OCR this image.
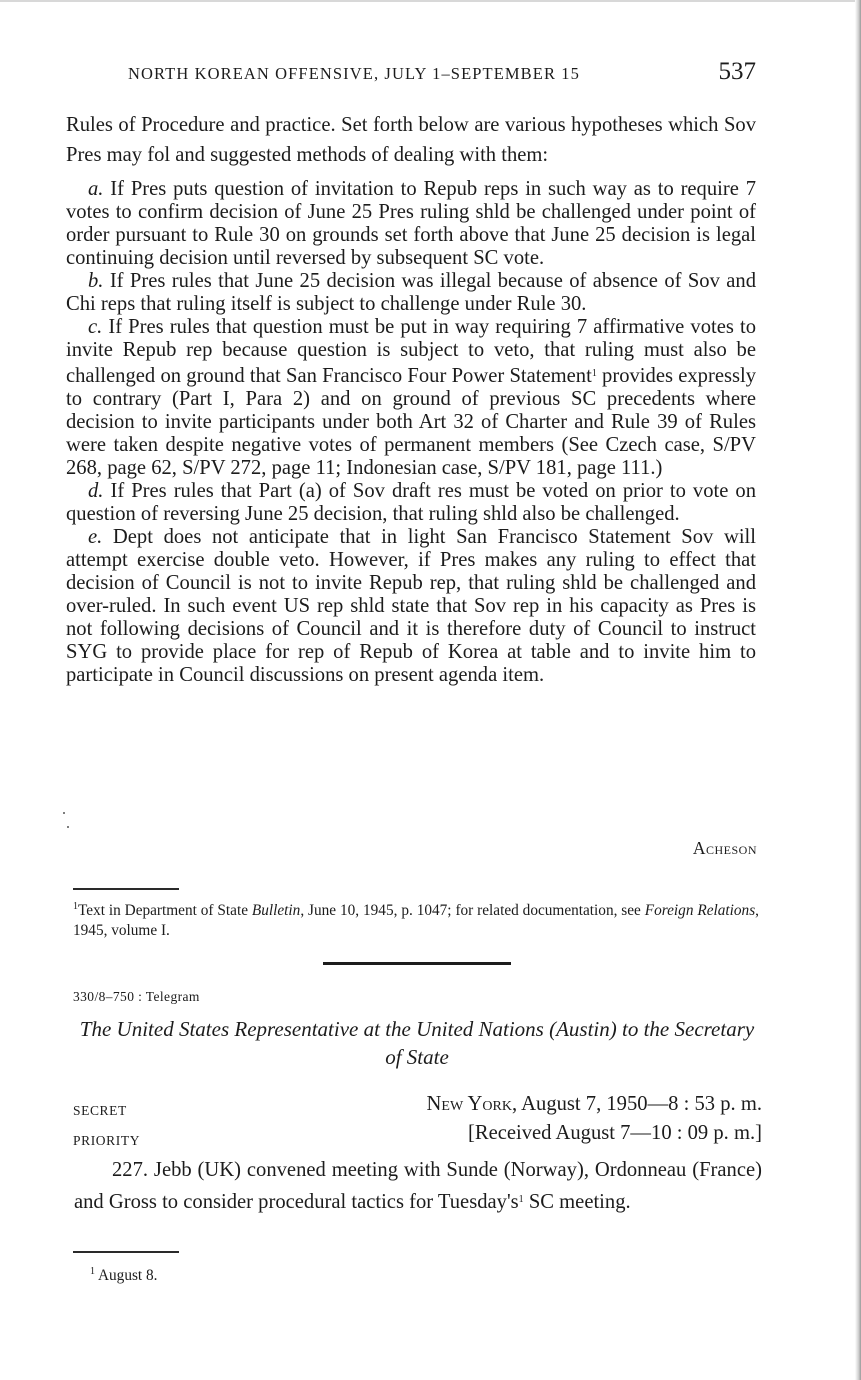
NORTH KOREAN OFFENSIVE, JULY 1–SEPTEMBER 15	537

Rules of Procedure and practice. Set forth below are various hypotheses which Sov Pres may fol and suggested methods of dealing with them:

a. If Pres puts question of invitation to Repub reps in such way as to require 7 votes to confirm decision of June 25 Pres ruling shld be challenged under point of order pursuant to Rule 30 on grounds set forth above that June 25 decision is legal continuing decision until reversed by subsequent SC vote.

b. If Pres rules that June 25 decision was illegal because of absence of Sov and Chi reps that ruling itself is subject to challenge under Rule 30.

c. If Pres rules that question must be put in way requiring 7 affirmative votes to invite Repub rep because question is subject to veto, that ruling must also be challenged on ground that San Francisco Four Power Statement$^1$ provides expressly to contrary (Part I, Para 2) and on ground of previous SC precedents where decision to invite participants under both Art 32 of Charter and Rule 39 of Rules were taken despite negative votes of permanent members (See Czech case, S/PV 268, page 62, S/PV 272, page 11; Indonesian case, S/PV 181, page 111.)

d. If Pres rules that Part (a) of Sov draft res must be voted on prior to vote on question of reversing June 25 decision, that ruling shld also be challenged.

e. Dept does not anticipate that in light San Francisco Statement Sov will attempt exercise double veto. However, if Pres makes any ruling to effect that decision of Council is not to invite Repub rep, that ruling shld be challenged and over-ruled. In such event US rep shld state that Sov rep in his capacity as Pres is not following decisions of Council and it is therefore duty of Council to instruct SYG to provide place for rep of Repub of Korea at table and to invite him to participate in Council discussions on present agenda item.

Acheson
$^1$Text in Department of State Bulletin, June 10, 1945, p. 1047; for related documentation, see Foreign Relations, 1945, volume I.
330/8–750 : Telegram
The United States Representative at the United Nations (Austin) to the Secretary of State
SECRET	New York, August 7, 1950—8 : 53 p. m.
PRIORITY	[Received August 7—10 : 09 p. m.]
227. Jebb (UK) convened meeting with Sunde (Norway), Ordonneau (France) and Gross to consider procedural tactics for $Tuesday's^1$ SC meeting.
$^1$ August 8.
